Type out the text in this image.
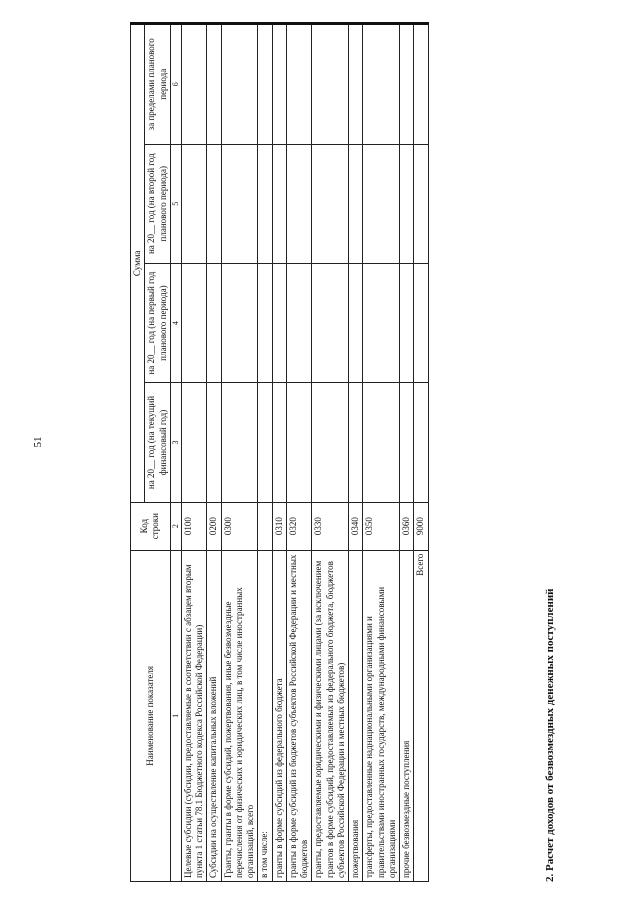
51
2. Расчет доходов от безвозмездных денежных поступлений
Наименование показателя	Код строки	Сумма			
		на 20__ год (на текущий финансовый год)	на 20__ год (на первый год планового периода)	на 20__ год (на второй год планового периода)	за пределами планового периода
1	2	3	4	5	6
Целевые субсидии (субсидии, предоставляемые в соответствии с абзацем вторым пункта 1 статьи 78.1 Бюджетного кодекса Российской Федерации)	0100				
Субсидии на осуществление капитальных вложений	0200				
Гранты, гранты в форме субсидий, пожертвования, иные безвозмездные перечисления от физических и юридических лиц, в том числе иностранных организаций, всего	0300				
в том числе:					
гранты в форме субсидий из федерального бюджета	0310				
гранты в форме субсидий из бюджетов субъектов Российской Федерации и местных бюджетов	0320				
гранты, предоставляемые юридическими и физическими лицами (за исключением грантов в форме субсидий, предоставляемых из федерального бюджета, бюджетов субъектов Российской Федерации и местных бюджетов)	0330				
пожертвования	0340				
трансферты, предоставленные наднациональными организациями и правительствами иностранных государств, международными финансовыми организациями	0350				
прочие безвозмездные поступления	0360				
Всего	9000				
